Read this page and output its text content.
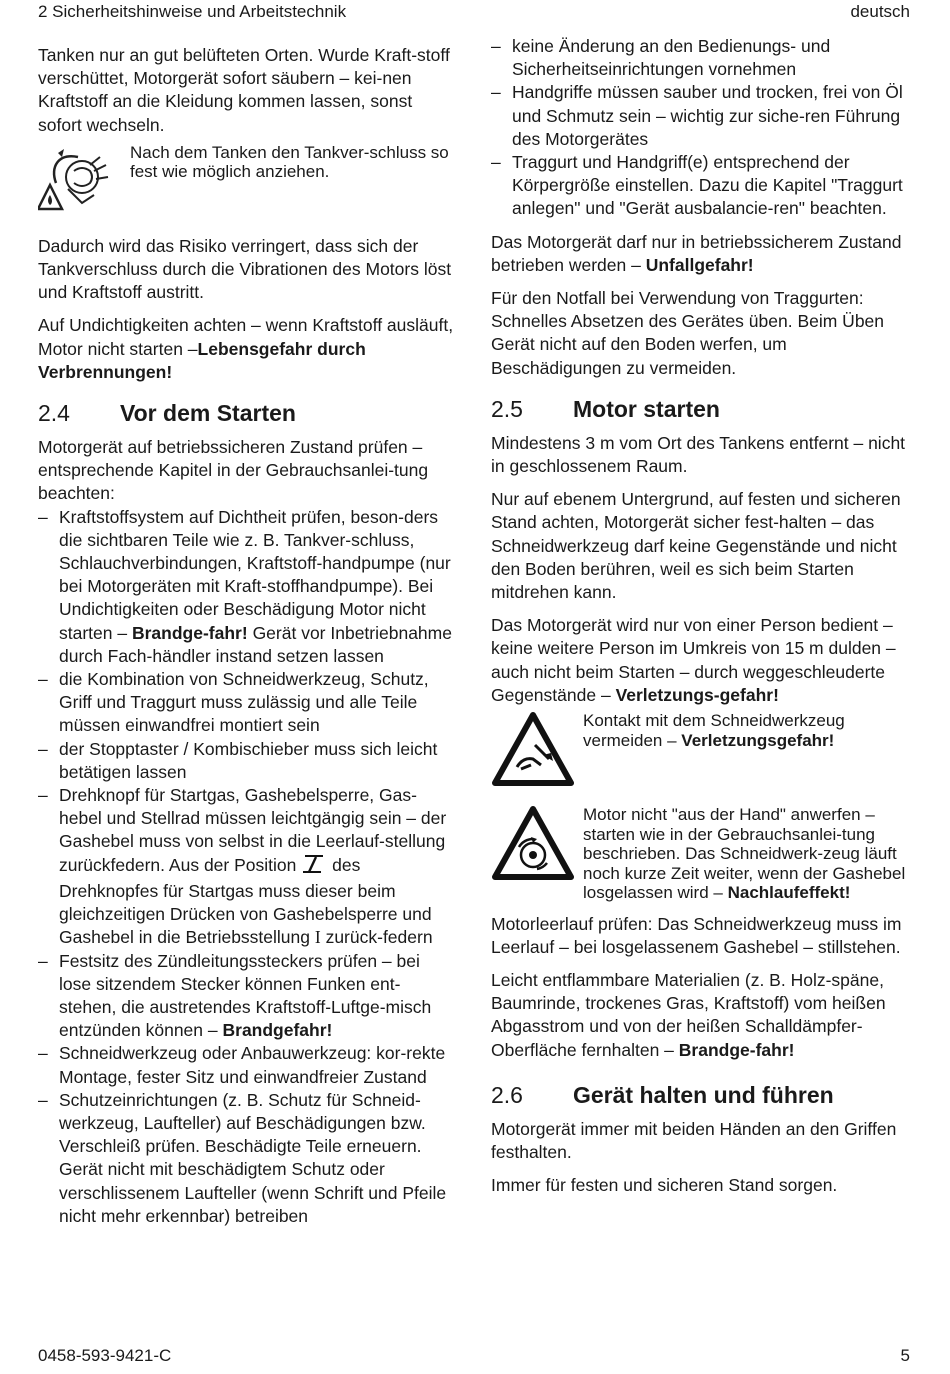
2 Sicherheitshinweise und Arbeitstechnik	deutsch

Tanken nur an gut belüfteten Orten. Wurde Kraft-stoff verschüttet, Motorgerät sofort säubern – kei-nen Kraftstoff an die Kleidung kommen lassen, sonst sofort wechseln.

Nach dem Tanken den Tankver-schluss so fest wie möglich anziehen.

Dadurch wird das Risiko verringert, dass sich der Tankverschluss durch die Vibrationen des Motors löst und Kraftstoff austritt.

Auf Undichtigkeiten achten – wenn Kraftstoff ausläuft, Motor nicht starten –Lebensgefahr durch Verbrennungen!

2.4	Vor dem Starten

Motorgerät auf betriebssicheren Zustand prüfen – entsprechende Kapitel in der Gebrauchsanlei-tung beachten:

– Kraftstoffsystem auf Dichtheit prüfen, beson-ders die sichtbaren Teile wie z. B. Tankver-schluss, Schlauchverbindungen, Kraftstoff-handpumpe (nur bei Motorgeräten mit Kraft-stoffhandpumpe). Bei Undichtigkeiten oder Beschädigung Motor nicht starten – Brandge-fahr! Gerät vor Inbetriebnahme durch Fach-händler instand setzen lassen
– die Kombination von Schneidwerkzeug, Schutz, Griff und Traggurt muss zulässig und alle Teile müssen einwandfrei montiert sein
– der Stopptaster / Kombischieber muss sich leicht betätigen lassen
– Drehknopf für Startgas, Gashebelsperre, Gas-hebel und Stellrad müssen leichtgängig sein – der Gashebel muss von selbst in die Leerlauf-stellung zurückfedern. Aus der Position des Drehknopfes für Startgas muss dieser beim gleichzeitigen Drücken von Gashebelsperre und Gashebel in die Betriebsstellung I zurück-federn
– Festsitz des Zündleitungssteckers prüfen – bei lose sitzendem Stecker können Funken ent-stehen, die austretendes Kraftstoff-Luftge-misch entzünden können – Brandgefahr!
– Schneidwerkzeug oder Anbauwerkzeug: kor-rekte Montage, fester Sitz und einwandfreier Zustand
– Schutzeinrichtungen (z. B. Schutz für Schneid-werkzeug, Laufteller) auf Beschädigungen bzw. Verschleiß prüfen. Beschädigte Teile erneuern. Gerät nicht mit beschädigtem Schutz oder verschlissenem Laufteller (wenn Schrift und Pfeile nicht mehr erkennbar) betreiben
– keine Änderung an den Bedienungs- und Sicherheitseinrichtungen vornehmen
– Handgriffe müssen sauber und trocken, frei von Öl und Schmutz sein – wichtig zur siche-ren Führung des Motorgerätes
– Traggurt und Handgriff(e) entsprechend der Körpergröße einstellen. Dazu die Kapitel "Traggurt anlegen" und "Gerät ausbalancie-ren" beachten.

Das Motorgerät darf nur in betriebssicherem Zustand betrieben werden – Unfallgefahr!

Für den Notfall bei Verwendung von Traggurten: Schnelles Absetzen des Gerätes üben. Beim Üben Gerät nicht auf den Boden werfen, um Beschädigungen zu vermeiden.

2.5	Motor starten

Mindestens 3 m vom Ort des Tankens entfernt – nicht in geschlossenem Raum.

Nur auf ebenem Untergrund, auf festen und sicheren Stand achten, Motorgerät sicher fest-halten – das Schneidwerkzeug darf keine Gegenstände und nicht den Boden berühren, weil es sich beim Starten mitdrehen kann.

Das Motorgerät wird nur von einer Person bedient – keine weitere Person im Umkreis von 15 m dulden – auch nicht beim Starten – durch weggeschleuderte Gegenstände – Verletzungs-gefahr!

Kontakt mit dem Schneidwerkzeug vermeiden – Verletzungsgefahr!
Motor nicht "aus der Hand" anwerfen – starten wie in der Gebrauchsanlei-tung beschrieben. Das Schneidwerk-zeug läuft noch kurze Zeit weiter, wenn der Gashebel losgelassen wird – Nachlaufeffekt!

Motorleerlauf prüfen: Das Schneidwerkzeug muss im Leerlauf – bei losgelassenem Gashebel – stillstehen.

Leicht entflammbare Materialien (z. B. Holz-späne, Baumrinde, trockenes Gras, Kraftstoff) vom heißen Abgasstrom und von der heißen Schalldämpfer-Oberfläche fernhalten – Brandge-fahr!

2.6	Gerät halten und führen

Motorgerät immer mit beiden Händen an den Griffen festhalten.

Immer für festen und sicheren Stand sorgen.

0458-593-9421-C	5
